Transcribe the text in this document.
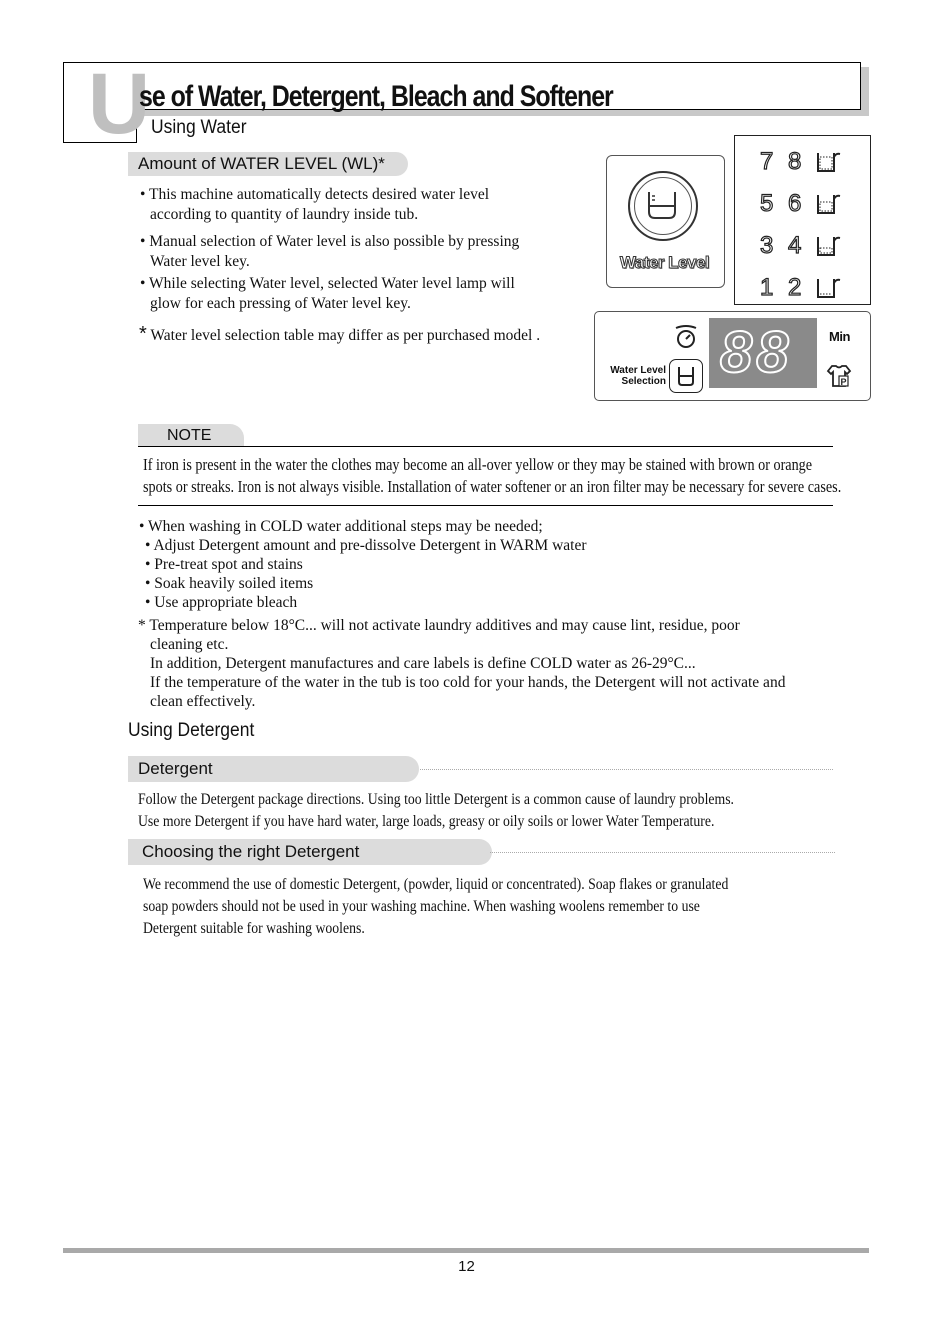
U
se of Water, Detergent, Bleach and Softener
Using Water
Amount of WATER LEVEL (WL)*
• This machine automatically detects desired water level
according to quantity of laundry inside tub.
• Manual selection of Water level is also possible by pressing
Water level key.
• While selecting Water level, selected Water level lamp will
glow for each pressing of Water level key.
* Water level selection table may differ as per purchased model .
Water Level
7 8
5 6
3 4
1 2
Water Level
Selection 88	Min
P
NOTE
If iron is present in the water the clothes may become an all-over yellow or they may be stained with brown or orange
spots or streaks. Iron is not always visible. Installation of water softener or an iron filter may be necessary for severe cases.
• When washing in COLD water additional steps may be needed;
• Adjust Detergent amount and pre-dissolve Detergent in WARM water
• Pre-treat spot and stains
• Soak heavily soiled items
• Use appropriate bleach
* Temperature below 18°C... will not activate laundry additives and may cause lint, residue, poor
cleaning etc.
In addition, Detergent manufactures and care labels is define COLD water as 26-29°C...
If the temperature of the water in the tub is too cold for your hands, the Detergent will not activate and
clean effectively.
Using Detergent
Detergent
Follow the Detergent package directions. Using too little Detergent is a common cause of laundry problems.
Use more Detergent if you have hard water, large loads, greasy or oily soils or lower Water Temperature.
Choosing the right Detergent
We recommend the use of domestic Detergent, (powder, liquid or concentrated). Soap flakes or granulated
soap powders should not be used in your washing machine. When washing woolens remember to use
Detergent suitable for washing woolens.
12
